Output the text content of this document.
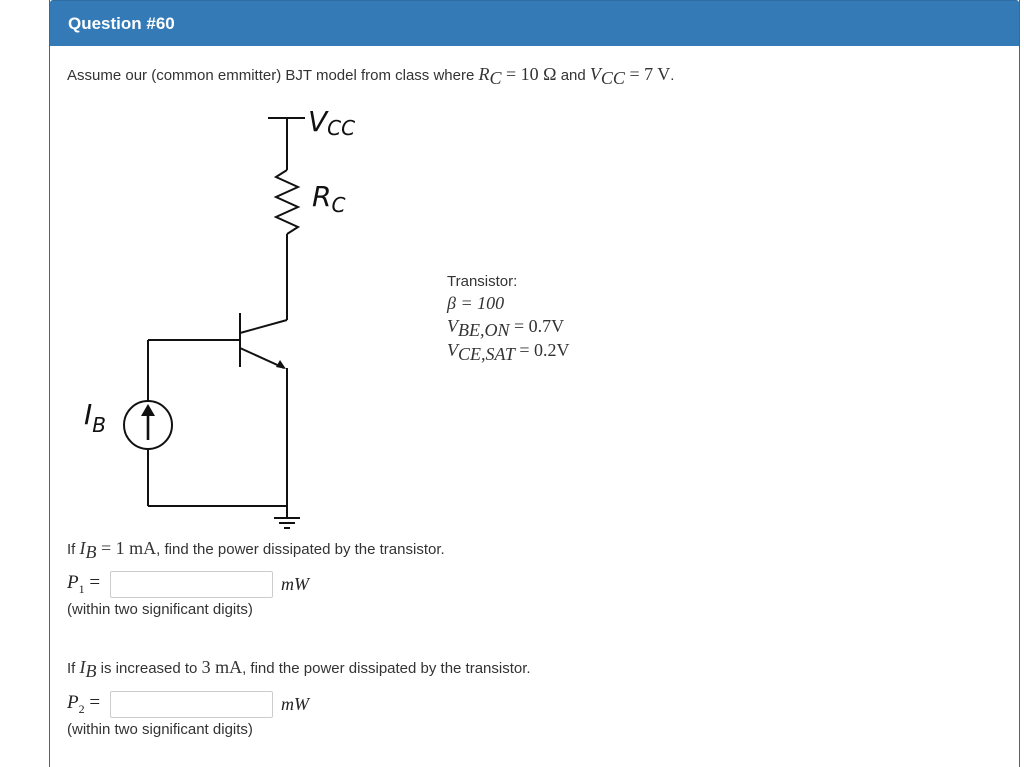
Question #60
Assume our (common emmitter) BJT model from class where $R_C = 10$ Ω and $V_{CC} = 7$ V.
VCC
$R_C$
$I_B$
Transistor:
β = 100
$V_{BE,ON} = 0.7V$
$V_{CE,SAT} = 0.2V$
If $I_B = 1$ mA, find the power dissipated by the transistor.
$P_1$ =	mW
(within two significant digits)
If $I_B$ is increased to 3 mA, find the power dissipated by the transistor.
$P_2$ =	mW
(within two significant digits)
